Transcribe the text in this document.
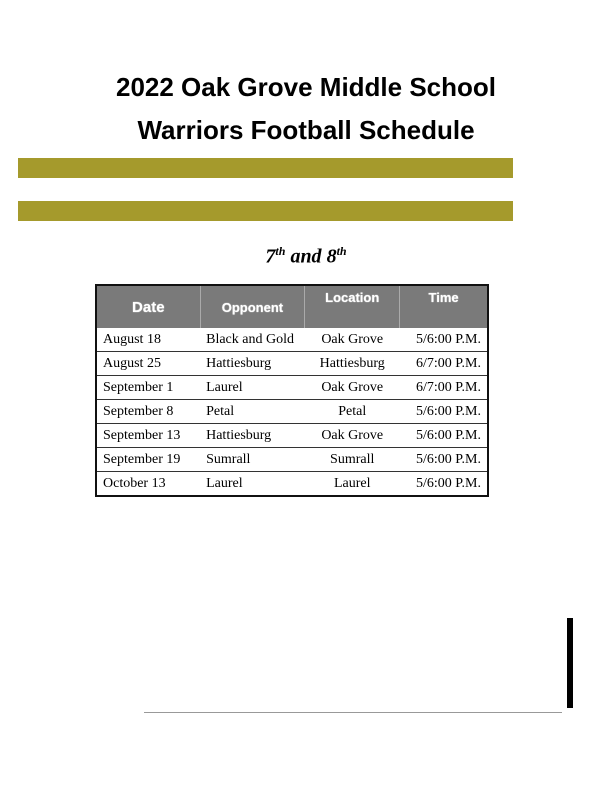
2022 Oak Grove Middle School
Warriors Football Schedule
7th and 8th
Date	Opponent	Location	Time
August 18	Black and Gold	Oak Grove	5/6:00 P.M.
August 25	Hattiesburg	Hattiesburg	6/7:00 P.M.
September 1	Laurel	Oak Grove	6/7:00 P.M.
September 8	Petal	Petal	5/6:00 P.M.
September 13	Hattiesburg	Oak Grove	5/6:00 P.M.
September 19	Sumrall	Sumrall	5/6:00 P.M.
October 13	Laurel	Laurel	5/6:00 P.M.
